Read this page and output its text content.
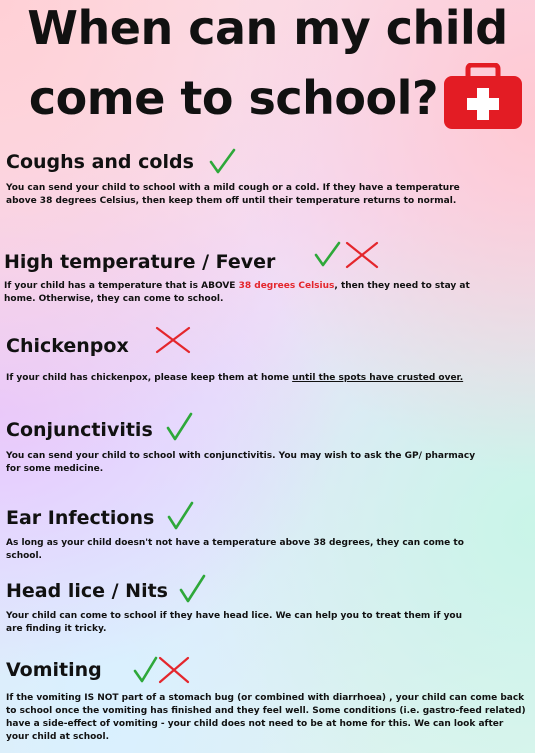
When can my child
come to school?
Coughs and colds

You can send your child to school with a mild cough or a cold. If they have a temperature above 38 degrees Celsius, then keep them off until their temperature returns to normal.

High temperature / Fever

If your child has a temperature that is ABOVE 38 degrees Celsius, then they need to stay at home. Otherwise, they can come to school.

Chickenpox

If your child has chickenpox, please keep them at home until the spots have crusted over.

Conjunctivitis

You can send your child to school with conjunctivitis. You may wish to ask the GP/ pharmacy for some medicine.

Ear Infections

As long as your child doesn't not have a temperature above 38 degrees, they can come to school.

Head lice / Nits

Your child can come to school if they have head lice. We can help you to treat them if you are finding it tricky.

Vomiting

If the vomiting IS NOT part of a stomach bug (or combined with diarrhoea) , your child can come back to school once the vomiting has finished and they feel well. Some conditions (i.e. gastro-feed related) have a side-effect of vomiting - your child does not need to be at home for this. We can look after your child at school.
